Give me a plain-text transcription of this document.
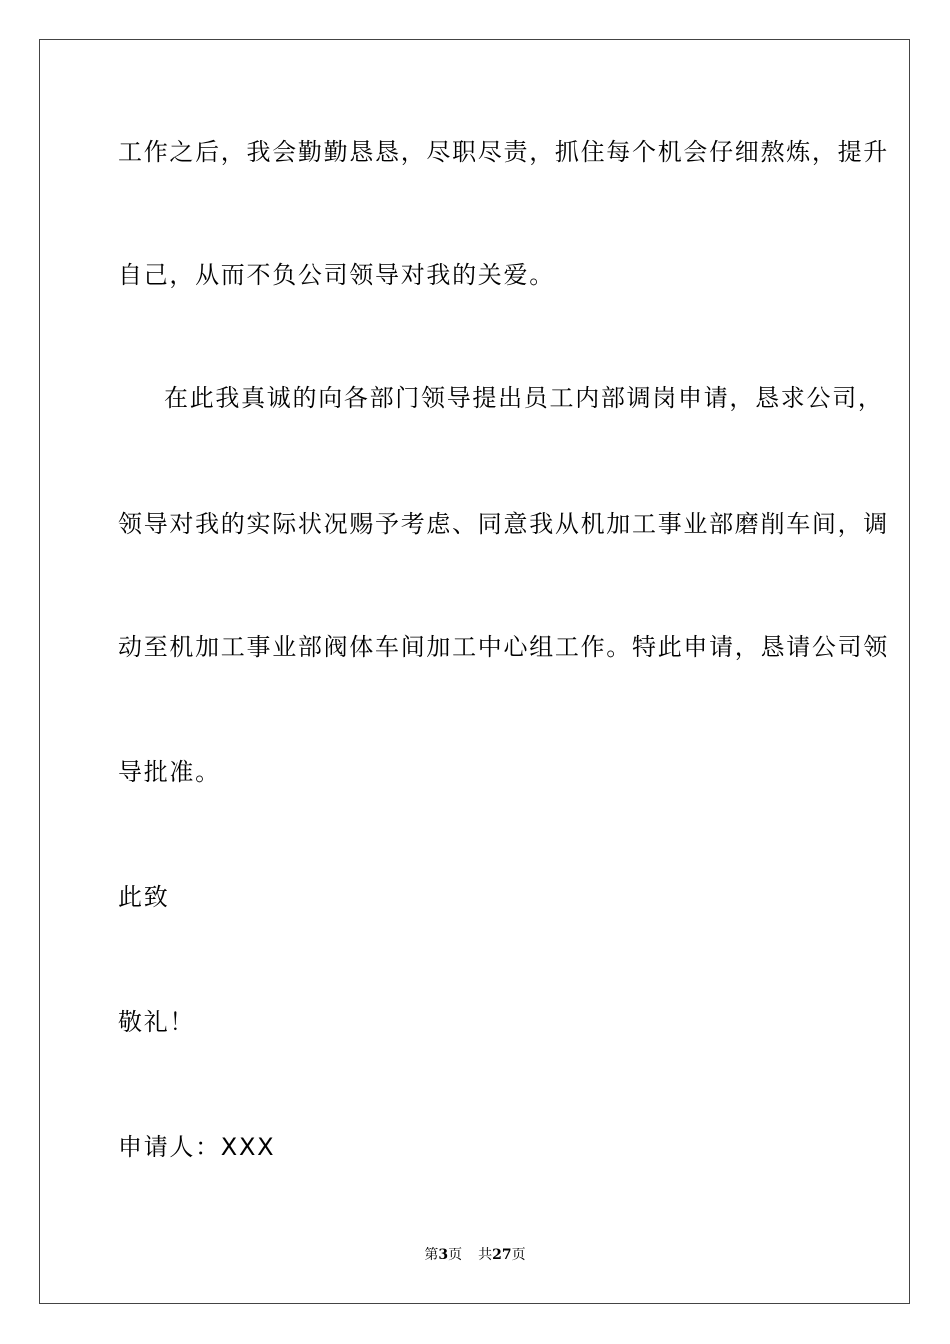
工作之后，我会勤勤恳恳，尽职尽责，抓住每个机会仔细熬炼，提升
自己，从而不负公司领导对我的关爱。
在此我真诚的向各部门领导提出员工内部调岗申请，恳求公司，
领导对我的实际状况赐予考虑、同意我从机加工事业部磨削车间，调
动至机加工事业部阀体车间加工中心组工作。特此申请，恳请公司领
导批准。
此致
敬礼！
申请人：XXX
第3页 共27页
